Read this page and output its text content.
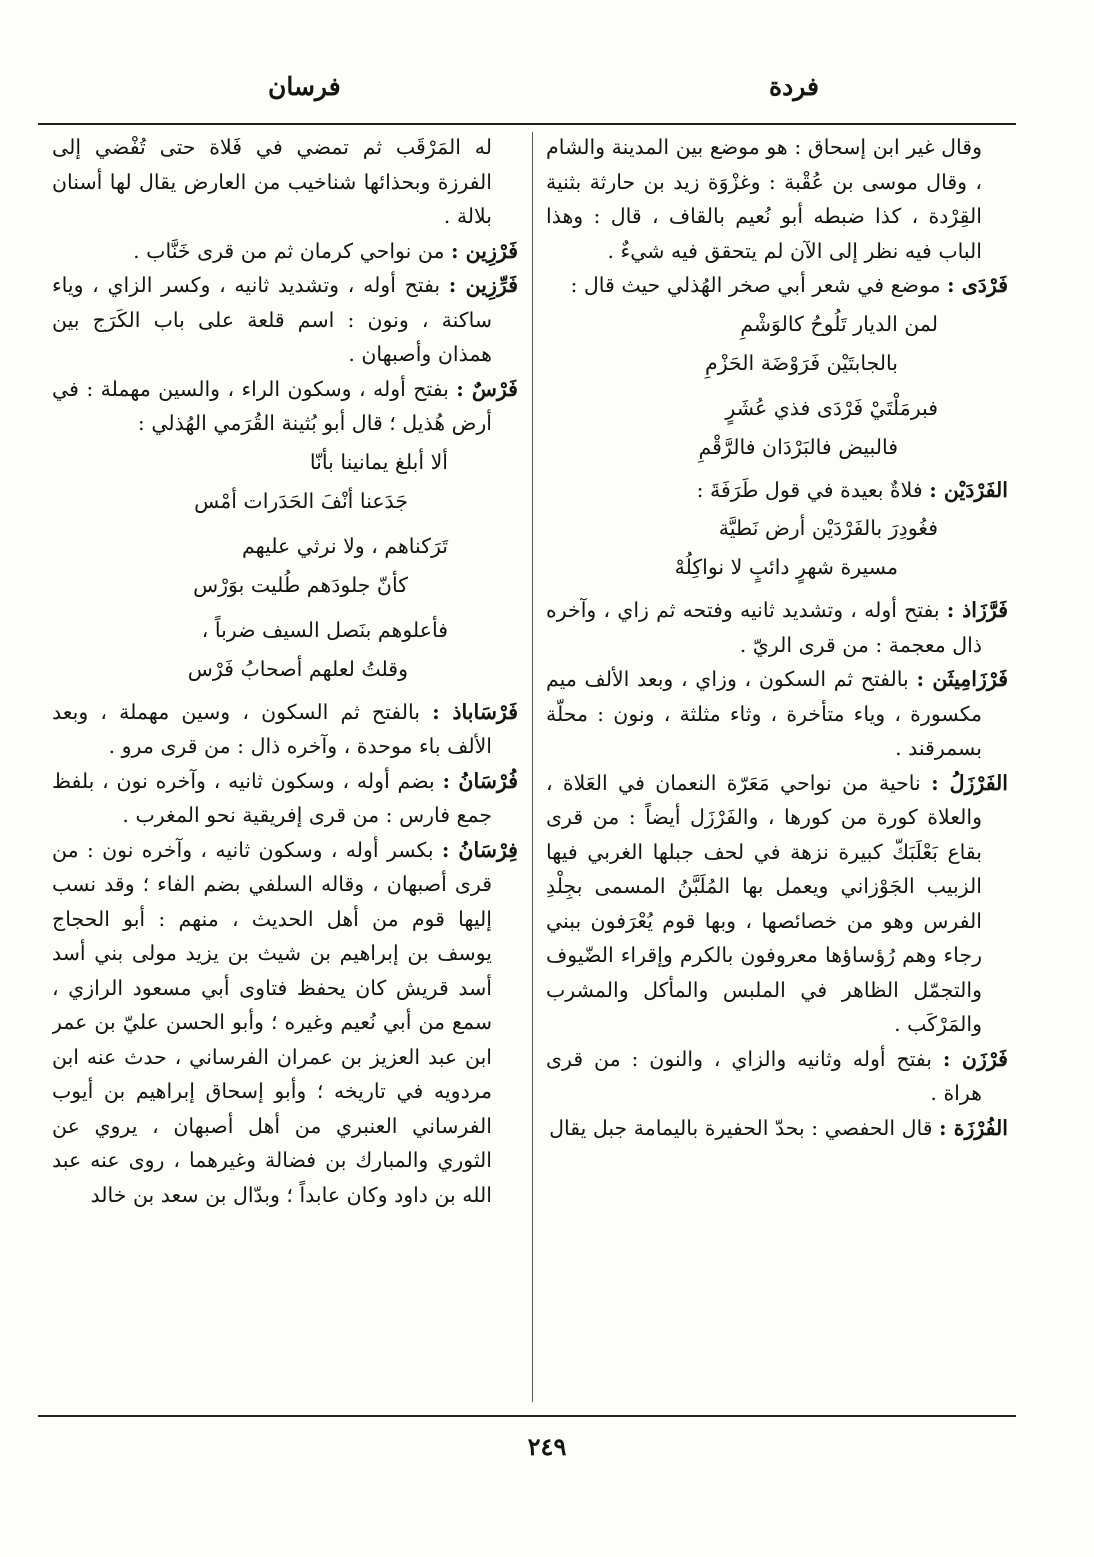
فردة
فرسان

وقال غير ابن إسحاق : هو موضع بين المدينة والشام ، وقال موسى بن عُقْبة : وغزْوَة زيد بن حارثة بثنية القِرْدة ، كذا ضبطه أبو نُعيم بالقاف ، قال : وهذا الباب فيه نظر إلى الآن لم يتحقق فيه شيءٌ .

فَرْدَى : موضع في شعر أبي صخر الهُذلي حيث قال :

لمن الديار تَلُوحُ كالوَشْمِ
بالجابتَيْن فَرَوْضَة الحَزْمِ
فبرمَلْتَيْ فَرْدَى فذي عُشَرٍ
فالبيض فالبَرْدَان فالرَّقْمِ

الفَرْدَيْن : فلاةٌ بعيدة في قول طَرَفَةَ :

فغُودِرَ بالفَرْدَيْن أرض نَطيَّة
مسيرة شهرٍ دائبٍ لا نواكِلُهْ

فَرَّزَاذ : بفتح أوله ، وتشديد ثانيه وفتحه ثم زاي ، وآخره ذال معجمة : من قرى الريّ .

فَرْزَامِيثَن : بالفتح ثم السكون ، وزاي ، وبعد الألف ميم مكسورة ، وياء متأخرة ، وثاء مثلثة ، ونون : محلّة بسمرقند .

الفَرْزَلُ : ناحية من نواحي مَعَرّة النعمان في العَلاة ، والعلاة كورة من كورها ، والفَرْزَل أيضاً : من قرى بقاع بَعْلَبَكّ كبيرة نزهة في لحف جبلها الغربي فيها الزبيب الجَوْزاني ويعمل بها المُلَبَّنُ المسمى بجِلْدِ الفرس وهو من خصائصها ، وبها قوم يُعْرَفون ببني رجاء وهم رُؤساؤها معروفون بالكرم وإقراء الضّيوف والتجمّل الظاهر في الملبس والمأكل والمشرب والمَرْكَب .

فَرْزَن : بفتح أوله وثانيه والزاي ، والنون : من قرى هراة .

الفُرْزَة : قال الحفصي : بحدّ الحفيرة باليمامة جبل يقال

له المَرْقَب ثم تمضي في فَلاة حتى تُفْضي إلى الفرزة وبحذائها شناخيب من العارض يقال لها أسنان بلالة .

فَرْزِين : من نواحي كرمان ثم من قرى خَنَّاب .

فَرِّزِين : بفتح أوله ، وتشديد ثانيه ، وكسر الزاي ، وياء ساكنة ، ونون : اسم قلعة على باب الكَرَج بين همذان وأصبهان .

فَرْسٌ : بفتح أوله ، وسكون الراء ، والسين مهملة : في أرض هُذيل ؛ قال أبو بُثينة القُرَمي الهُذلي :

ألا أبلغ يمانينا بأنّا
جَدَعنا أنْفَ الحَدَرات أمْس
تَرَكناهم ، ولا نرثي عليهم
كأنّ جلودَهم طُليت بوَرْس
فأعلوهم بنَصل السيف ضرباً ،
وقلتُ لعلهم أصحابُ فَرْس

فَرْسَاباذ : بالفتح ثم السكون ، وسين مهملة ، وبعد الألف باء موحدة ، وآخره ذال : من قرى مرو .

فُرْسَانُ : بضم أوله ، وسكون ثانيه ، وآخره نون ، بلفظ جمع فارس : من قرى إفريقية نحو المغرب .

فِرْسَانُ : بكسر أوله ، وسكون ثانيه ، وآخره نون : من قرى أصبهان ، وقاله السلفي بضم الفاء ؛ وقد نسب إليها قوم من أهل الحديث ، منهم : أبو الحجاج يوسف بن إبراهيم بن شيث بن يزيد مولى بني أسد أسد قريش كان يحفظ فتاوى أبي مسعود الرازي ، سمع من أبي نُعيم وغيره ؛ وأبو الحسن عليّ بن عمر ابن عبد العزيز بن عمران الفرساني ، حدث عنه ابن مردويه في تاريخه ؛ وأبو إسحاق إبراهيم بن أيوب الفرساني العنبري من أهل أصبهان ، يروي عن الثوري والمبارك بن فضالة وغيرهما ، روى عنه عبد الله بن داود وكان عابداً ؛ وبدّال بن سعد بن خالد

٢٤٩
